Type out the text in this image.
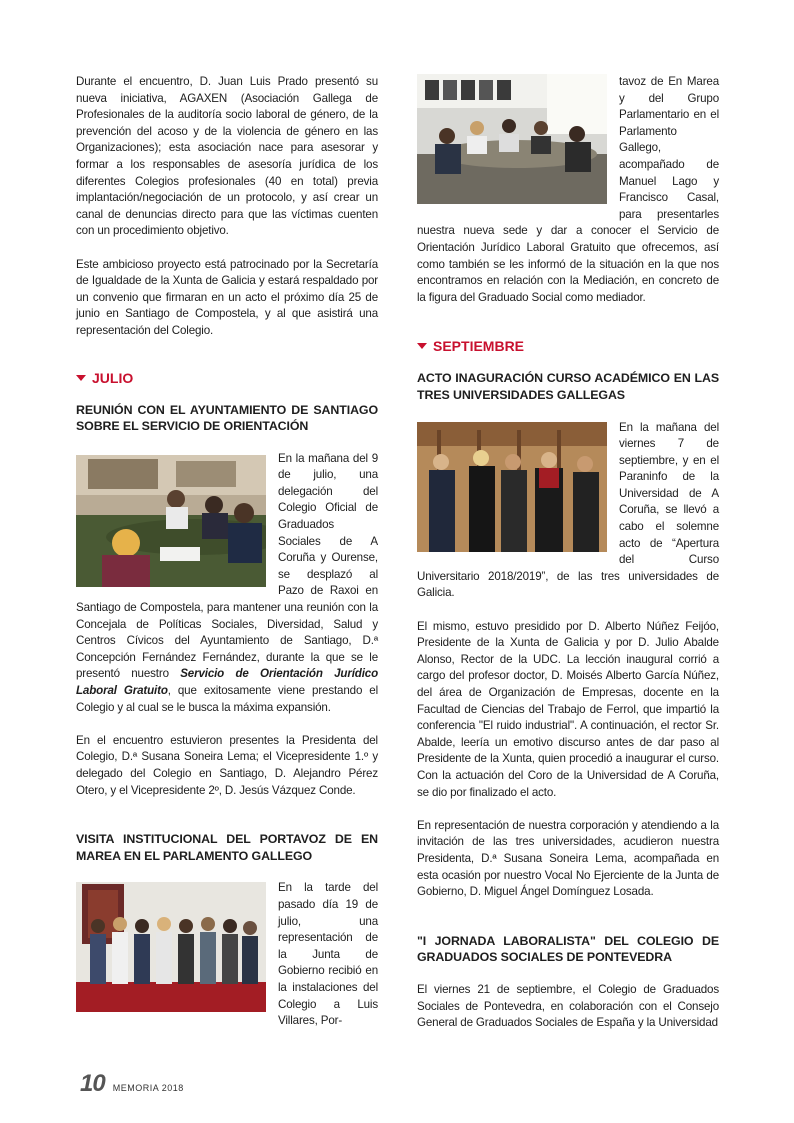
Durante el encuentro, D. Juan Luis Prado presentó su nueva iniciativa, AGAXEN (Asociación Gallega de Profesionales de la auditoría socio laboral de género, de la prevención del acoso y de la violencia de género en las Organizaciones); esta asociación nace para asesorar y formar a los responsables de asesoría jurídica de los diferentes Colegios profesionales (40 en total) previa implantación/negociación de un protocolo, y así crear un canal de denuncias directo para que las víctimas cuenten con un procedimiento objetivo.

Este ambicioso proyecto está patrocinado por la Secretaría de Igualdade de la Xunta de Galicia y estará respaldado por un convenio que firmaran en un acto el próximo día 25 de junio en Santiago de Compostela, y al que asistirá una representación del Colegio.

JULIO
REUNIÓN CON EL AYUNTAMIENTO DE SANTIAGO SOBRE EL SERVICIO DE ORIENTACIÓN

En la mañana del 9 de julio, una delegación del Colegio Oficial de Graduados Sociales de A Coruña y Ourense, se desplazó al Pazo de Raxoi en Santiago de Compostela, para mantener una reunión con la Concejala de Políticas Sociales, Diversidad, Salud y Centros Cívicos del Ayuntamiento de Santiago, D.ª Concepción Fernández Fernández, durante la que se le presentó nuestro Servicio de Orientación Jurídico Laboral Gratuito, que exitosamente viene prestando el Colegio y al cual se le busca la máxima expansión.

En el encuentro estuvieron presentes la Presidenta del Colegio, D.ª Susana Soneira Lema; el Vicepresidente 1.º y delegado del Colegio en Santiago, D. Alejandro Pérez Otero, y el Vicepresidente 2º, D. Jesús Vázquez Conde.

VISITA INSTITUCIONAL DEL PORTAVOZ DE EN MAREA EN EL PARLAMENTO GALLEGO

En la tarde del pasado día 19 de julio, una representación de la Junta de Gobierno recibió en la instalaciones del Colegio a Luis Villares, Por-

tavoz de En Marea y del Grupo Parlamentario en el Parlamento Gallego, acompañado de Manuel Lago y Francisco Casal, para presentarles nuestra nueva sede y dar a conocer el Servicio de Orientación Jurídico Laboral Gratuito que ofrecemos, así como también se les informó de la situación en la que nos encontramos en relación con la Mediación, en concreto de la figura del Graduado Social como mediador.

SEPTIEMBRE
ACTO INAGURACIÓN CURSO ACADÉMICO EN LAS TRES UNIVERSIDADES GALLEGAS

En la mañana del viernes 7 de septiembre, y en el Paraninfo de la Universidad de A Coruña, se llevó a cabo el solemne acto de “Apertura del Curso Universitario 2018/2019”, de las tres universidades de Galicia.

El mismo, estuvo presidido por D. Alberto Núñez Feijóo, Presidente de la Xunta de Galicia y por D. Julio Abalde Alonso, Rector de la UDC. La lección inaugural corrió a cargo del profesor doctor, D. Moisés Alberto García Núñez, del área de Organización de Empresas, docente en la Facultad de Ciencias del Trabajo de Ferrol, que impartió la conferencia "El ruido industrial". A continuación, el rector Sr. Abalde, leería un emotivo discurso antes de dar paso al Presidente de la Xunta, quien procedió a inaugurar el curso. Con la actuación del Coro de la Universidad de A Coruña, se dio por finalizado el acto.

En representación de nuestra corporación y atendiendo a la invitación de las tres universidades, acudieron nuestra Presidenta, D.ª Susana Soneira Lema, acompañada en esta ocasión por nuestro Vocal No Ejerciente de la Junta de Gobierno, D. Miguel Ángel Domínguez Losada.

"I JORNADA LABORALISTA" DEL COLEGIO DE GRADUADOS SOCIALES DE PONTEVEDRA

El viernes 21 de septiembre, el Colegio de Graduados Sociales de Pontevedra, en colaboración con el Consejo General de Graduados Sociales de España y la Universidad

10 MEMORIA 2018
